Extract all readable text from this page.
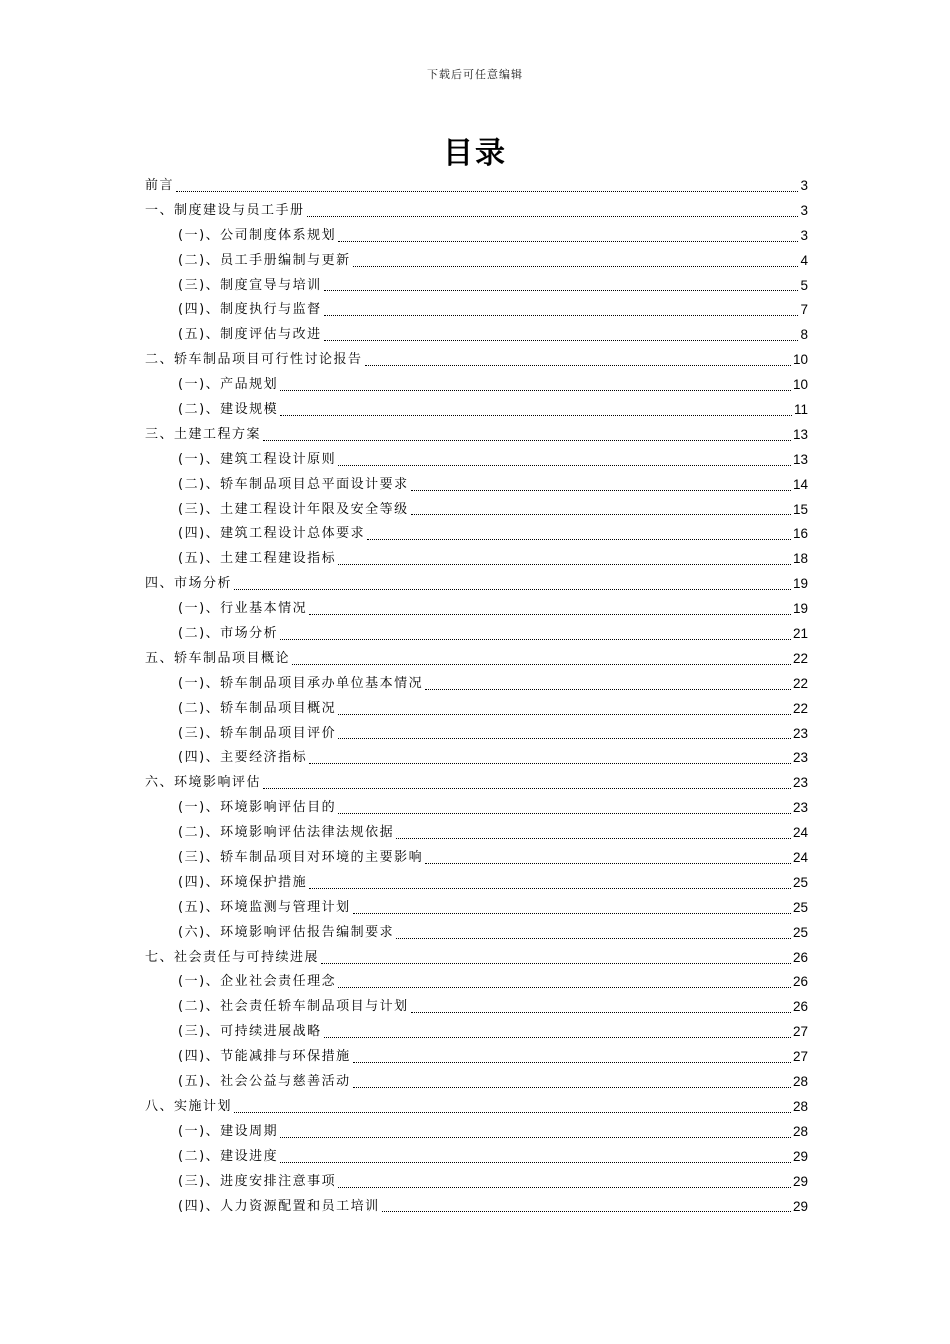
下载后可任意编辑
目录
前言	3
一、制度建设与员工手册	3
(一)、公司制度体系规划	3
(二)、员工手册编制与更新	4
(三)、制度宣导与培训	5
(四)、制度执行与监督	7
(五)、制度评估与改进	8
二、轿车制品项目可行性讨论报告	10
(一)、产品规划	10
(二)、建设规模	11
三、土建工程方案	13
(一)、建筑工程设计原则	13
(二)、轿车制品项目总平面设计要求	14
(三)、土建工程设计年限及安全等级	15
(四)、建筑工程设计总体要求	16
(五)、土建工程建设指标	18
四、市场分析	19
(一)、行业基本情况	19
(二)、市场分析	21
五、轿车制品项目概论	22
(一)、轿车制品项目承办单位基本情况	22
(二)、轿车制品项目概况	22
(三)、轿车制品项目评价	23
(四)、主要经济指标	23
六、环境影响评估	23
(一)、环境影响评估目的	23
(二)、环境影响评估法律法规依据	24
(三)、轿车制品项目对环境的主要影响	24
(四)、环境保护措施	25
(五)、环境监测与管理计划	25
(六)、环境影响评估报告编制要求	25
七、社会责任与可持续进展	26
(一)、企业社会责任理念	26
(二)、社会责任轿车制品项目与计划	26
(三)、可持续进展战略	27
(四)、节能减排与环保措施	27
(五)、社会公益与慈善活动	28
八、实施计划	28
(一)、建设周期	28
(二)、建设进度	29
(三)、进度安排注意事项	29
(四)、人力资源配置和员工培训	29
